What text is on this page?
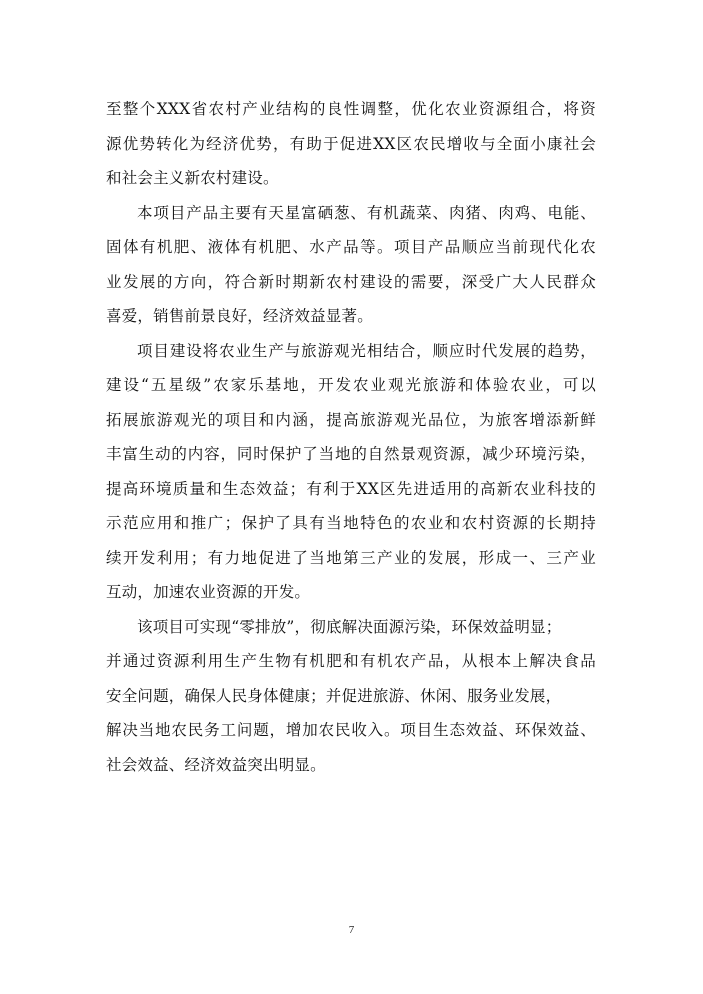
至整个XXX省农村产业结构的良性调整，优化农业资源组合，将资
源优势转化为经济优势，有助于促进XX区农民增收与全面小康社会
和社会主义新农村建设。
本项目产品主要有天星富硒葱、有机蔬菜、肉猪、肉鸡、电能、
固体有机肥、液体有机肥、水产品等。项目产品顺应当前现代化农
业发展的方向，符合新时期新农村建设的需要，深受广大人民群众
喜爱，销售前景良好，经济效益显著。
项目建设将农业生产与旅游观光相结合，顺应时代发展的趋势，
建设“五星级”农家乐基地，开发农业观光旅游和体验农业，可以
拓展旅游观光的项目和内涵，提高旅游观光品位，为旅客增添新鲜
丰富生动的内容，同时保护了当地的自然景观资源，减少环境污染，
提高环境质量和生态效益；有利于XX区先进适用的高新农业科技的
示范应用和推广；保护了具有当地特色的农业和农村资源的长期持
续开发利用；有力地促进了当地第三产业的发展，形成一、三产业
互动，加速农业资源的开发。
该项目可实现“零排放”，彻底解决面源污染，环保效益明显；
并通过资源利用生产生物有机肥和有机农产品，从根本上解决食品
安全问题，确保人民身体健康；并促进旅游、休闲、服务业发展，
解决当地农民务工问题，增加农民收入。项目生态效益、环保效益、
社会效益、经济效益突出明显。
7
